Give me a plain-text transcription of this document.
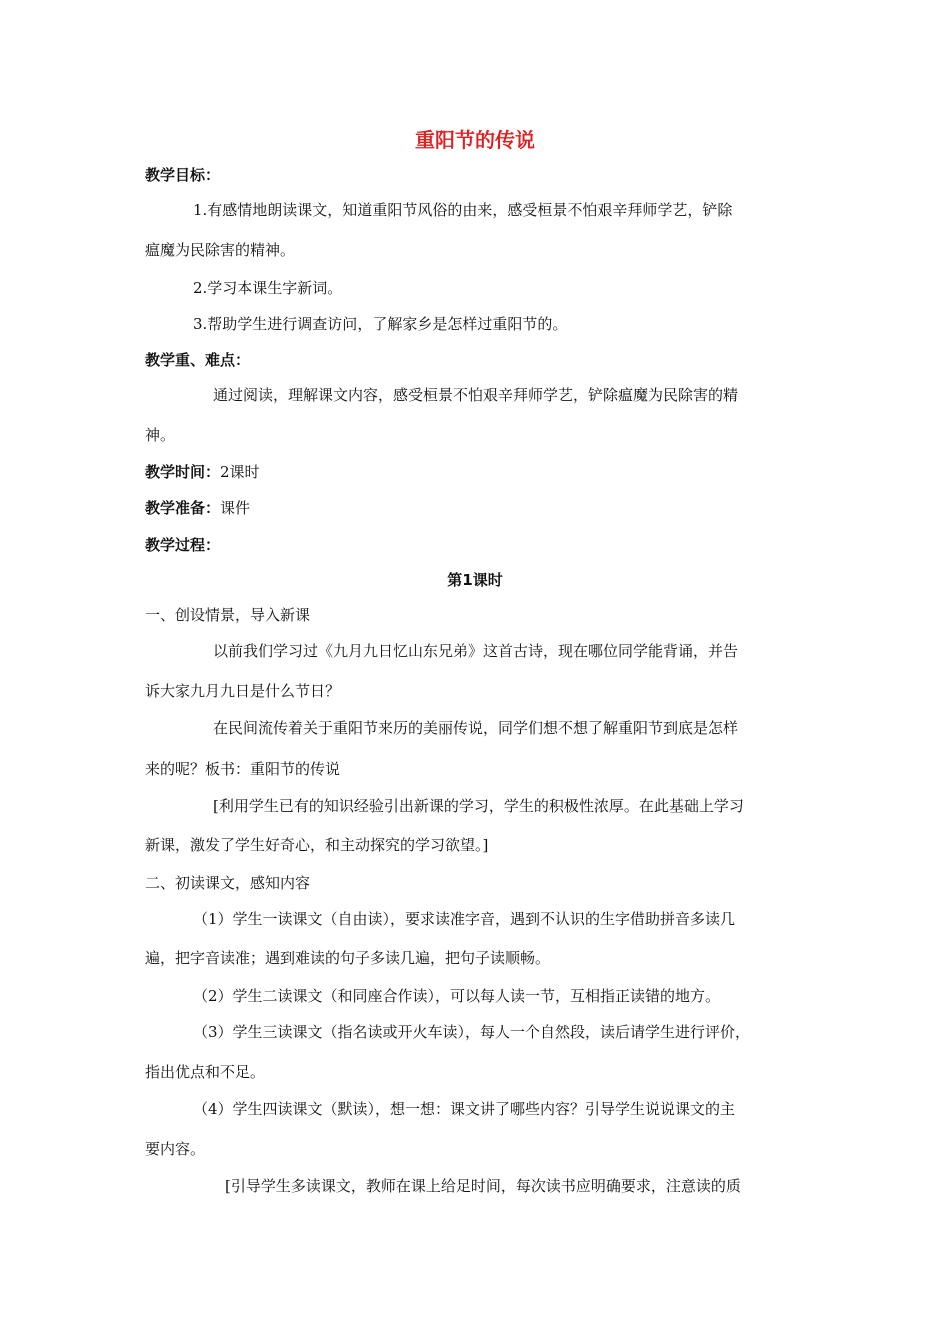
重阳节的传说
教学目标：
1.有感情地朗读课文，知道重阳节风俗的由来，感受桓景不怕艰辛拜师学艺，铲除
瘟魔为民除害的精神。
2.学习本课生字新词。
3.帮助学生进行调查访问，了解家乡是怎样过重阳节的。
教学重、难点：
通过阅读，理解课文内容，感受桓景不怕艰辛拜师学艺，铲除瘟魔为民除害的精
神。
教学时间：2课时
教学准备：课件
教学过程：
第1课时
一、创设情景，导入新课
以前我们学习过《九月九日忆山东兄弟》这首古诗，现在哪位同学能背诵，并告
诉大家九月九日是什么节日？
在民间流传着关于重阳节来历的美丽传说，同学们想不想了解重阳节到底是怎样
来的呢？板书：重阳节的传说
[利用学生已有的知识经验引出新课的学习，学生的积极性浓厚。在此基础上学习
新课，激发了学生好奇心，和主动探究的学习欲望。]
二、初读课文，感知内容
（1）学生一读课文（自由读），要求读准字音，遇到不认识的生字借助拼音多读几
遍，把字音读准；遇到难读的句子多读几遍，把句子读顺畅。
（2）学生二读课文（和同座合作读），可以每人读一节，互相指正读错的地方。
（3）学生三读课文（指名读或开火车读），每人一个自然段，读后请学生进行评价，
指出优点和不足。
（4）学生四读课文（默读），想一想：课文讲了哪些内容？引导学生说说课文的主
要内容。
[引导学生多读课文，教师在课上给足时间，每次读书应明确要求，注意读的质
